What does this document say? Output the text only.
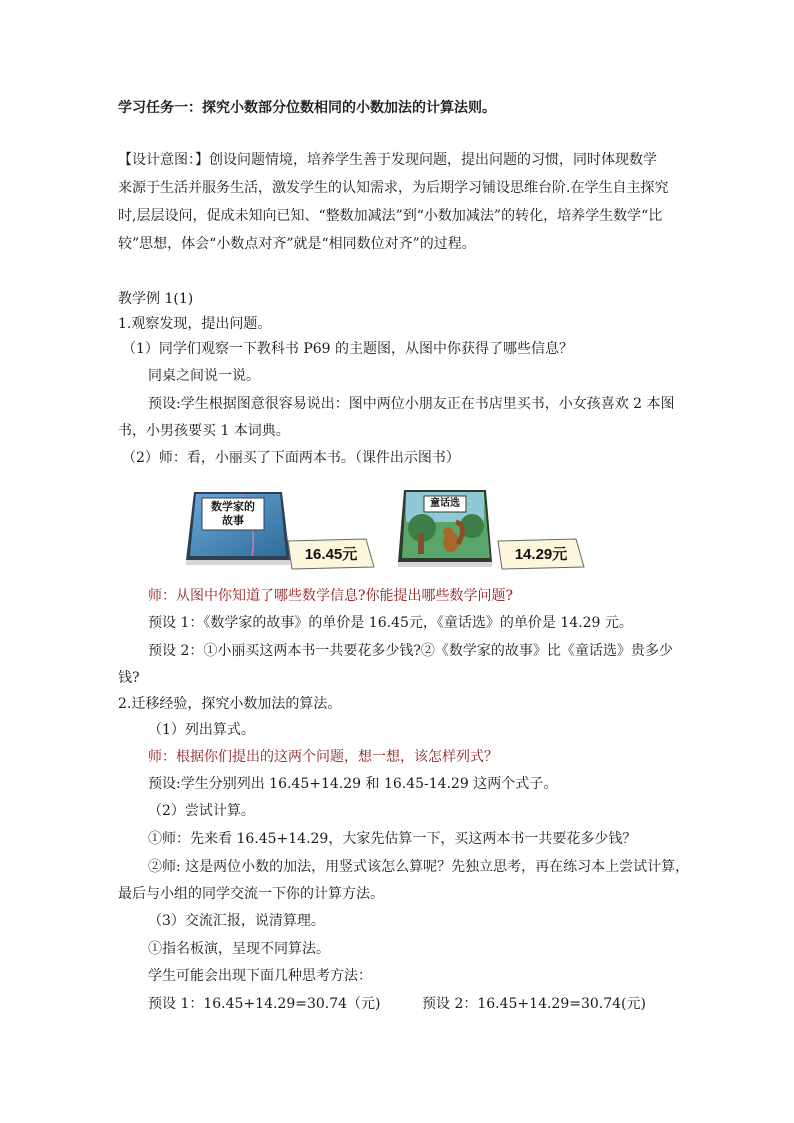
学习任务一：探究小数部分位数相同的小数加法的计算法则。
【设计意图：】创设问题情境，培养学生善于发现问题，提出问题的习惯，同时体现数学
来源于生活并服务生活，激发学生的认知需求，为后期学习铺设思维台阶.在学生自主探究
时,层层设问，促成未知向已知、“整数加减法”到“小数加减法”的转化，培养学生数学“比
较”思想，体会“小数点对齐”就是“相同数位对齐”的过程。
教学例 1(1)
1.观察发现，提出问题。
（1）同学们观察一下教科书 P69 的主题图，从图中你获得了哪些信息？
同桌之间说一说。
预设:学生根据图意很容易说出：图中两位小朋友正在书店里买书，小女孩喜欢 2 本图
书，小男孩要买 1 本词典。
（2）师：看，小丽买了下面两本书。（课件出示图书）
数学家的
故事
16.45元
童话选
14.29元
师：从图中你知道了哪些数学信息?你能提出哪些数学问题?
预设 1：《数学家的故事》的单价是 16.45元，《童话选》的单价是 14.29 元。
预设 2：①小丽买这两本书一共要花多少钱?②《数学家的故事》比《童话选》贵多少
钱?
2.迁移经验，探究小数加法的算法。
（1）列出算式。
师：根据你们提出的这两个问题，想一想，该怎样列式？
预设:学生分别列出 16.45+14.29 和 16.45-14.29 这两个式子。
（2）尝试计算。
①师：先来看 16.45+14.29，大家先估算一下，买这两本书一共要花多少钱？
②师: 这是两位小数的加法，用竖式该怎么算呢？先独立思考，再在练习本上尝试计算，
最后与小组的同学交流一下你的计算方法。
（3）交流汇报，说清算理。
①指名板演，呈现不同算法。
学生可能会出现下面几种思考方法：
预设 1：16.45+14.29=30.74（元)	预设 2：16.45+14.29=30.74(元)
